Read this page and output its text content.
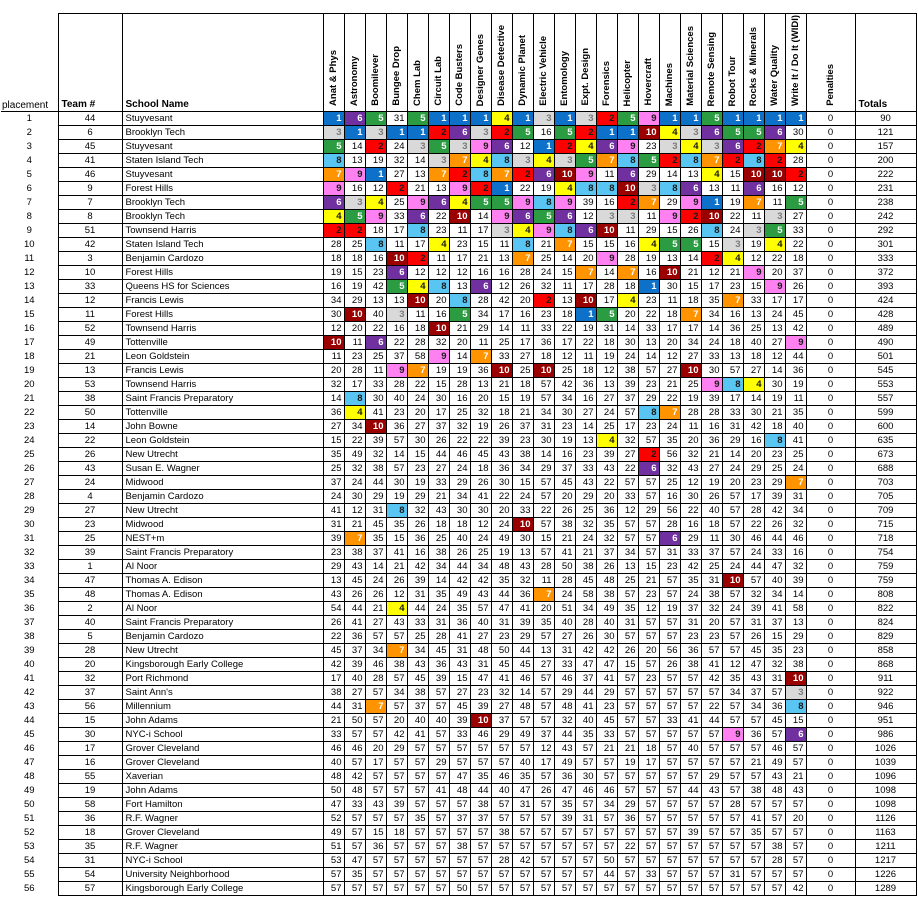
placement	Team #	School Name	Anat & Phys	Astronomy	Boomilever	Bungee Drop	Chem Lab	Circuit Lab	Code Busters	Designer Genes	Disease Detective	Dynamic Planet	Electric Vehicle	Entomology	Expt. Design	Forensics	Helicopter	Hovercraft	Machines	Material Sciences	Remote Sensing	Robot Tour	Rocks & Minerals	Water Quality	Write It / Do It (WIDI)	Penalties	Totals
1	44	Stuyvesant	1	6	5	31	5	1	1	1	4	1	3	1	3	2	5	9	1	1	5	1	1	1	1	0	90
2	6	Brooklyn Tech	3	1	3	1	1	2	6	3	2	5	16	5	2	1	1	10	4	3	6	5	5	6	30	0	121
3	45	Stuyvesant	5	14	2	24	3	5	3	9	6	12	1	2	4	6	9	23	3	4	3	6	2	7	4	0	157
4	41	Staten Island Tech	8	13	19	32	14	3	7	4	8	3	4	3	5	7	8	5	2	8	7	2	8	2	28	0	200
5	46	Stuyvesant	7	9	1	27	13	7	2	8	7	2	6	10	9	11	6	29	14	13	4	15	10	10	2	0	222
6	9	Forest Hills	9	16	12	2	21	13	9	2	1	22	19	4	8	8	10	3	8	6	13	11	6	16	12	0	231
7	7	Brooklyn Tech	6	3	4	25	9	6	4	5	5	9	8	9	39	16	2	7	29	9	1	19	7	11	5	0	238
8	8	Brooklyn Tech	4	5	9	33	6	22	10	14	9	6	5	6	12	3	3	11	9	2	10	22	11	3	27	0	242
9	51	Townsend Harris	2	2	18	17	8	23	11	17	3	4	9	8	6	10	11	29	15	26	8	24	3	5	33	0	292
10	42	Staten Island Tech	28	25	8	11	17	4	23	15	11	8	21	7	15	15	16	4	5	5	15	3	19	4	22	0	301
11	3	Benjamin Cardozo	18	18	16	10	2	11	17	21	13	7	25	14	20	9	28	19	13	14	2	4	12	22	18	0	333
12	10	Forest Hills	19	15	23	6	12	12	12	16	16	28	24	15	7	14	7	16	10	21	12	21	9	20	37	0	372
13	33	Queens HS for Sciences	16	19	42	5	4	8	13	6	12	26	32	11	17	28	18	1	30	15	17	23	15	9	26	0	393
14	12	Francis Lewis	34	29	13	13	10	20	8	28	42	20	2	13	10	17	4	23	11	18	35	7	33	17	17	0	424
15	11	Forest Hills	30	10	40	3	11	16	5	34	17	16	23	18	1	5	20	22	18	7	34	16	13	24	45	0	428
16	52	Townsend Harris	12	20	22	16	18	10	21	29	14	11	33	22	19	31	14	33	17	17	14	36	25	13	42	0	489
17	49	Tottenville	10	11	6	22	28	32	20	11	25	17	36	17	22	18	30	13	20	34	24	18	40	27	9	0	490
18	21	Leon Goldstein	11	23	25	37	58	9	14	7	33	27	18	12	11	19	24	14	12	27	33	13	18	12	44	0	501
19	13	Francis Lewis	20	28	11	9	7	19	19	36	10	25	10	25	18	12	38	57	27	10	30	57	27	14	36	0	545
20	53	Townsend Harris	32	17	33	28	22	15	28	13	21	18	57	42	36	13	39	23	21	25	9	8	4	30	19	0	553
21	38	Saint Francis Preparatory	14	8	30	40	24	30	16	20	15	19	57	34	16	27	37	29	22	19	39	17	14	19	11	0	557
22	50	Tottenville	36	4	41	23	20	17	25	32	18	21	34	30	27	24	57	8	7	28	28	33	30	21	35	0	599
23	14	John Bowne	27	34	10	36	27	37	32	19	26	37	31	23	14	25	17	23	24	11	16	31	42	18	40	0	600
24	22	Leon Goldstein	15	22	39	57	30	26	22	22	39	23	30	19	13	4	32	57	35	20	36	29	16	8	41	0	635
25	26	New Utrecht	35	49	32	14	15	44	46	45	43	38	14	16	23	39	27	2	56	32	21	14	20	23	25	0	673
26	43	Susan E. Wagner	25	32	38	57	23	27	24	18	36	34	29	37	33	43	22	6	32	43	27	24	29	25	24	0	688
27	24	Midwood	37	24	44	30	19	33	29	26	30	15	57	45	43	22	57	57	25	12	19	20	23	29	7	0	703
28	4	Benjamin Cardozo	24	30	29	19	29	21	34	41	22	24	57	20	29	20	33	57	16	30	26	57	17	39	31	0	705
29	27	New Utrecht	41	12	31	8	32	43	30	30	20	33	22	26	25	36	12	29	56	22	40	57	28	42	34	0	709
30	23	Midwood	31	21	45	35	26	18	18	12	24	10	57	38	32	35	57	57	28	16	18	57	22	26	32	0	715
31	25	NEST+m	39	7	35	15	36	25	40	24	49	30	15	21	24	32	57	57	6	29	11	30	46	44	46	0	718
32	39	Saint Francis Preparatory	23	38	37	41	16	38	26	25	19	13	57	41	21	37	34	57	31	33	37	57	24	33	16	0	754
33	1	Al Noor	29	43	14	21	42	34	44	34	48	43	28	50	38	26	13	15	23	42	25	24	44	47	32	0	759
34	47	Thomas A. Edison	13	45	24	26	39	14	42	42	35	32	11	28	45	48	25	21	57	35	31	10	57	40	39	0	759
35	48	Thomas A. Edison	43	26	26	12	31	35	49	43	44	36	7	24	58	38	57	23	57	24	38	57	32	34	14	0	808
36	2	Al Noor	54	44	21	4	44	24	35	57	47	41	20	51	34	49	35	12	19	37	32	24	39	41	58	0	822
37	40	Saint Francis Preparatory	26	41	27	43	33	31	36	40	31	39	35	40	28	40	31	57	57	31	20	57	31	37	13	0	824
38	5	Benjamin Cardozo	22	36	57	57	25	28	41	27	23	29	57	27	26	30	57	57	57	23	23	57	26	15	29	0	829
39	28	New Utrecht	45	37	34	7	34	45	31	48	50	44	13	31	42	42	26	20	56	36	57	57	45	35	23	0	858
40	20	Kingsborough Early College	42	39	46	38	43	36	43	31	45	45	27	33	47	47	15	57	26	38	41	12	47	32	38	0	868
41	32	Port Richmond	17	40	28	57	45	39	15	47	41	46	57	46	37	41	57	23	57	57	42	35	43	31	10	0	911
42	37	Saint Ann's	38	27	57	34	38	57	27	23	32	14	57	29	44	29	57	57	57	57	57	34	37	57	3	0	922
43	56	Millennium	44	31	7	57	37	57	45	39	27	48	57	48	41	23	57	57	57	57	22	57	34	36	8	0	946
44	15	John Adams	21	50	57	20	40	40	39	10	37	57	57	32	40	45	57	57	33	41	44	57	57	45	15	0	951
45	30	NYC-i School	33	57	57	42	41	57	33	46	29	49	37	44	35	33	57	57	57	57	57	9	36	57	6	0	986
46	17	Grover Cleveland	46	46	20	29	57	57	57	57	57	57	12	43	57	21	21	18	57	40	57	57	57	46	57	0	1026
47	16	Grover Cleveland	40	57	17	57	57	29	57	57	57	40	17	49	57	57	19	17	57	57	57	57	21	49	57	0	1039
48	55	Xaverian	48	42	57	57	57	57	47	35	46	35	57	36	30	57	57	57	57	57	29	57	57	43	21	0	1096
49	19	John Adams	50	48	57	57	57	41	48	44	40	47	26	47	46	46	57	57	57	44	43	57	38	48	43	0	1098
50	58	Fort Hamilton	47	33	43	39	57	57	57	38	57	31	57	35	57	34	29	57	57	57	57	28	57	57	57	0	1098
51	36	R.F. Wagner	52	57	57	57	35	57	37	37	57	57	57	39	31	57	36	57	57	57	57	57	41	57	20	0	1126
52	18	Grover Cleveland	49	57	15	18	57	57	57	57	38	57	57	57	57	57	57	57	57	39	57	57	35	57	57	0	1163
53	35	R.F. Wagner	51	57	36	57	57	57	38	57	57	57	57	57	57	57	22	57	57	57	57	57	57	38	57	0	1211
54	31	NYC-i School	53	47	57	57	57	57	57	57	28	42	57	57	57	50	57	57	57	57	57	57	57	28	57	0	1217
55	54	University Neighborhood	57	35	57	57	57	57	57	57	57	57	57	57	57	44	57	33	57	57	57	31	57	57	57	0	1226
56	57	Kingsborough Early College	57	57	57	57	57	57	50	57	57	57	57	57	57	57	57	57	57	57	57	57	57	57	42	0	1289
